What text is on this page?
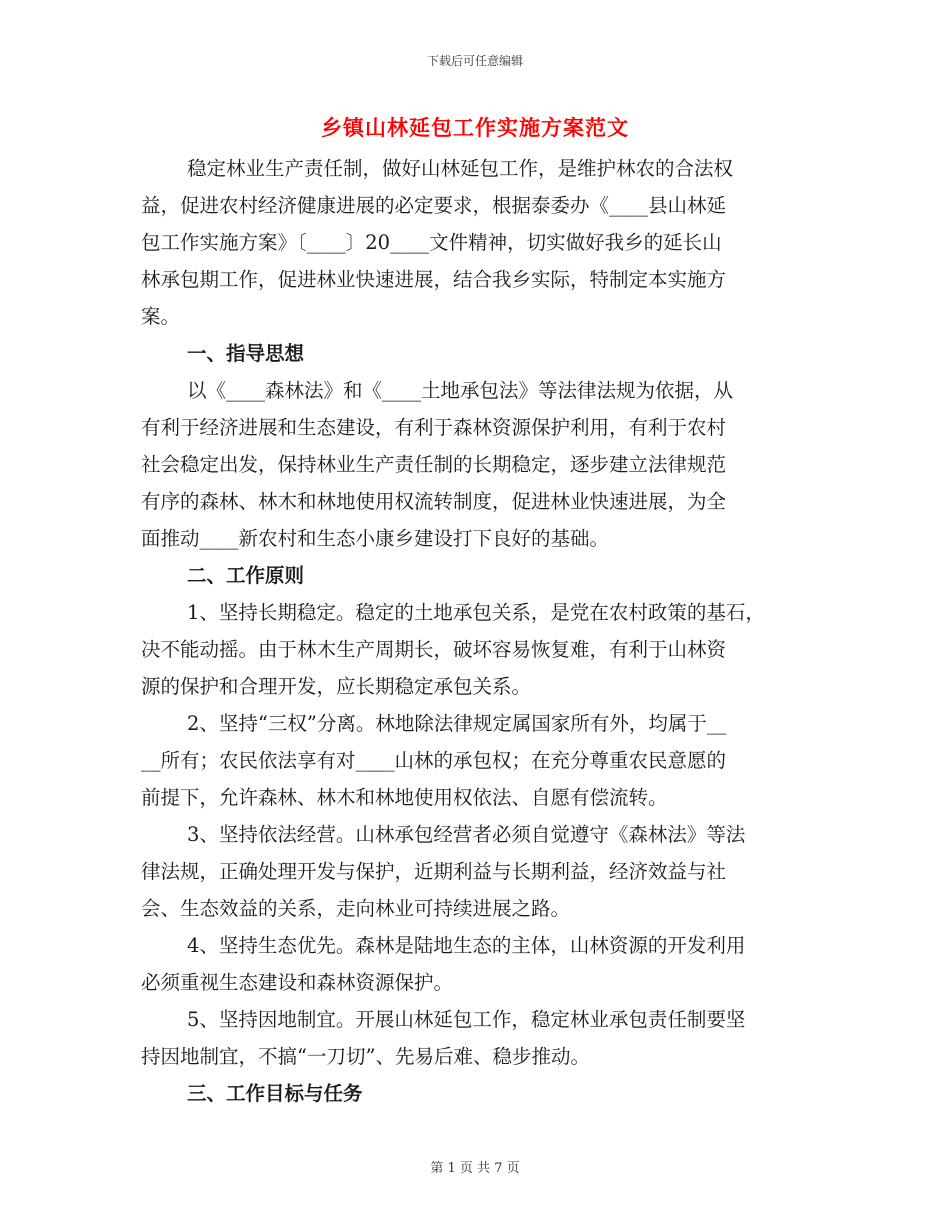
下载后可任意编辑
乡镇山林延包工作实施方案范文
稳定林业生产责任制，做好山林延包工作，是维护林农的合法权
益，促进农村经济健康进展的必定要求，根据泰委办《____县山林延
包工作实施方案》〔____〕20____文件精神，切实做好我乡的延长山
林承包期工作，促进林业快速进展，结合我乡实际，特制定本实施方
案。
一、指导思想
以《____森林法》和《____土地承包法》等法律法规为依据，从
有利于经济进展和生态建设，有利于森林资源保护利用，有利于农村
社会稳定出发，保持林业生产责任制的长期稳定，逐步建立法律规范
有序的森林、林木和林地使用权流转制度，促进林业快速进展，为全
面推动____新农村和生态小康乡建设打下良好的基础。
二、工作原则
1、坚持长期稳定。稳定的土地承包关系，是党在农村政策的基石，
决不能动摇。由于林木生产周期长，破坏容易恢复难，有利于山林资
源的保护和合理开发，应长期稳定承包关系。
2、坚持“三权”分离。林地除法律规定属国家所有外，均属于__
__所有；农民依法享有对____山林的承包权；在充分尊重农民意愿的
前提下，允许森林、林木和林地使用权依法、自愿有偿流转。
3、坚持依法经营。山林承包经营者必须自觉遵守《森林法》等法
律法规，正确处理开发与保护，近期利益与长期利益，经济效益与社
会、生态效益的关系，走向林业可持续进展之路。
4、坚持生态优先。森林是陆地生态的主体，山林资源的开发利用
必须重视生态建设和森林资源保护。
5、坚持因地制宜。开展山林延包工作，稳定林业承包责任制要坚
持因地制宜，不搞“一刀切”、先易后难、稳步推动。
三、工作目标与任务
第 1 页 共 7 页
